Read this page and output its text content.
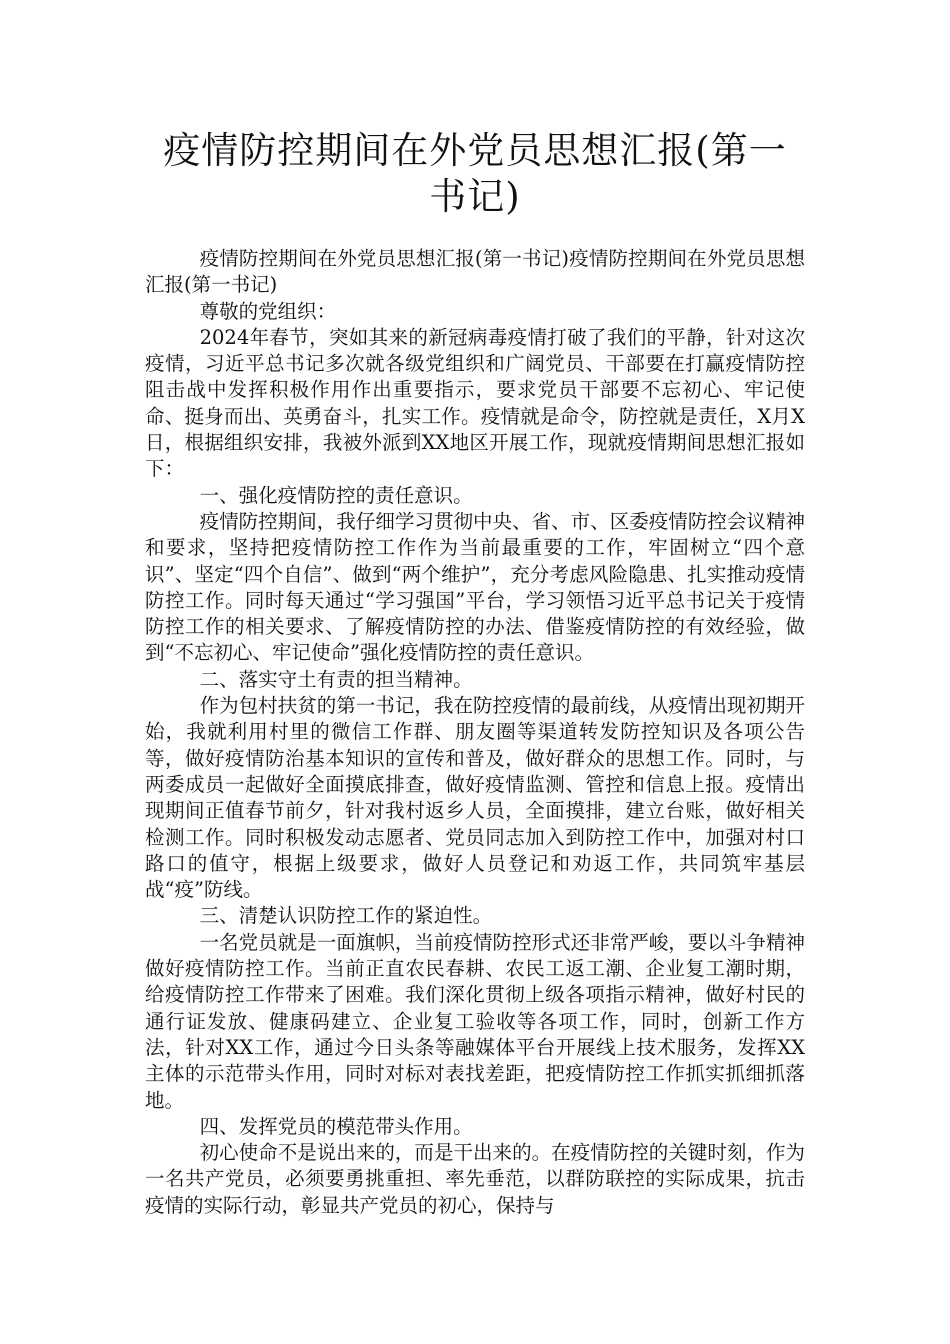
疫情防控期间在外党员思想汇报(第一书记)

疫情防控期间在外党员思想汇报(第一书记)疫情防控期间在外党员思想汇报(第一书记)

尊敬的党组织：

2024年春节，突如其来的新冠病毒疫情打破了我们的平静，针对这次疫情，习近平总书记多次就各级党组织和广阔党员、干部要在打赢疫情防控阻击战中发挥积极作用作出重要指示，要求党员干部要不忘初心、牢记使命、挺身而出、英勇奋斗，扎实工作。疫情就是命令，防控就是责任，X月X日，根据组织安排，我被外派到XX地区开展工作，现就疫情期间思想汇报如下：

一、强化疫情防控的责任意识。

疫情防控期间，我仔细学习贯彻中央、省、市、区委疫情防控会议精神和要求，坚持把疫情防控工作作为当前最重要的工作，牢固树立“四个意识”、坚定“四个自信”、做到“两个维护”，充分考虑风险隐患、扎实推动疫情防控工作。同时每天通过“学习强国”平台，学习领悟习近平总书记关于疫情防控工作的相关要求、了解疫情防控的办法、借鉴疫情防控的有效经验，做到“不忘初心、牢记使命”强化疫情防控的责任意识。

二、落实守土有责的担当精神。

作为包村扶贫的第一书记，我在防控疫情的最前线，从疫情出现初期开始，我就利用村里的微信工作群、朋友圈等渠道转发防控知识及各项公告等，做好疫情防治基本知识的宣传和普及，做好群众的思想工作。同时，与两委成员一起做好全面摸底排查，做好疫情监测、管控和信息上报。疫情出现期间正值春节前夕，针对我村返乡人员，全面摸排，建立台账，做好相关检测工作。同时积极发动志愿者、党员同志加入到防控工作中，加强对村口路口的值守，根据上级要求，做好人员登记和劝返工作，共同筑牢基层战“疫”防线。

三、清楚认识防控工作的紧迫性。

一名党员就是一面旗帜，当前疫情防控形式还非常严峻，要以斗争精神做好疫情防控工作。当前正直农民春耕、农民工返工潮、企业复工潮时期，给疫情防控工作带来了困难。我们深化贯彻上级各项指示精神，做好村民的通行证发放、健康码建立、企业复工验收等各项工作，同时，创新工作方法，针对XX工作，通过今日头条等融媒体平台开展线上技术服务，发挥XX主体的示范带头作用，同时对标对表找差距，把疫情防控工作抓实抓细抓落地。

四、发挥党员的模范带头作用。

初心使命不是说出来的，而是干出来的。在疫情防控的关键时刻，作为一名共产党员，必须要勇挑重担、率先垂范，以群防联控的实际成果，抗击疫情的实际行动，彰显共产党员的初心，保持与
